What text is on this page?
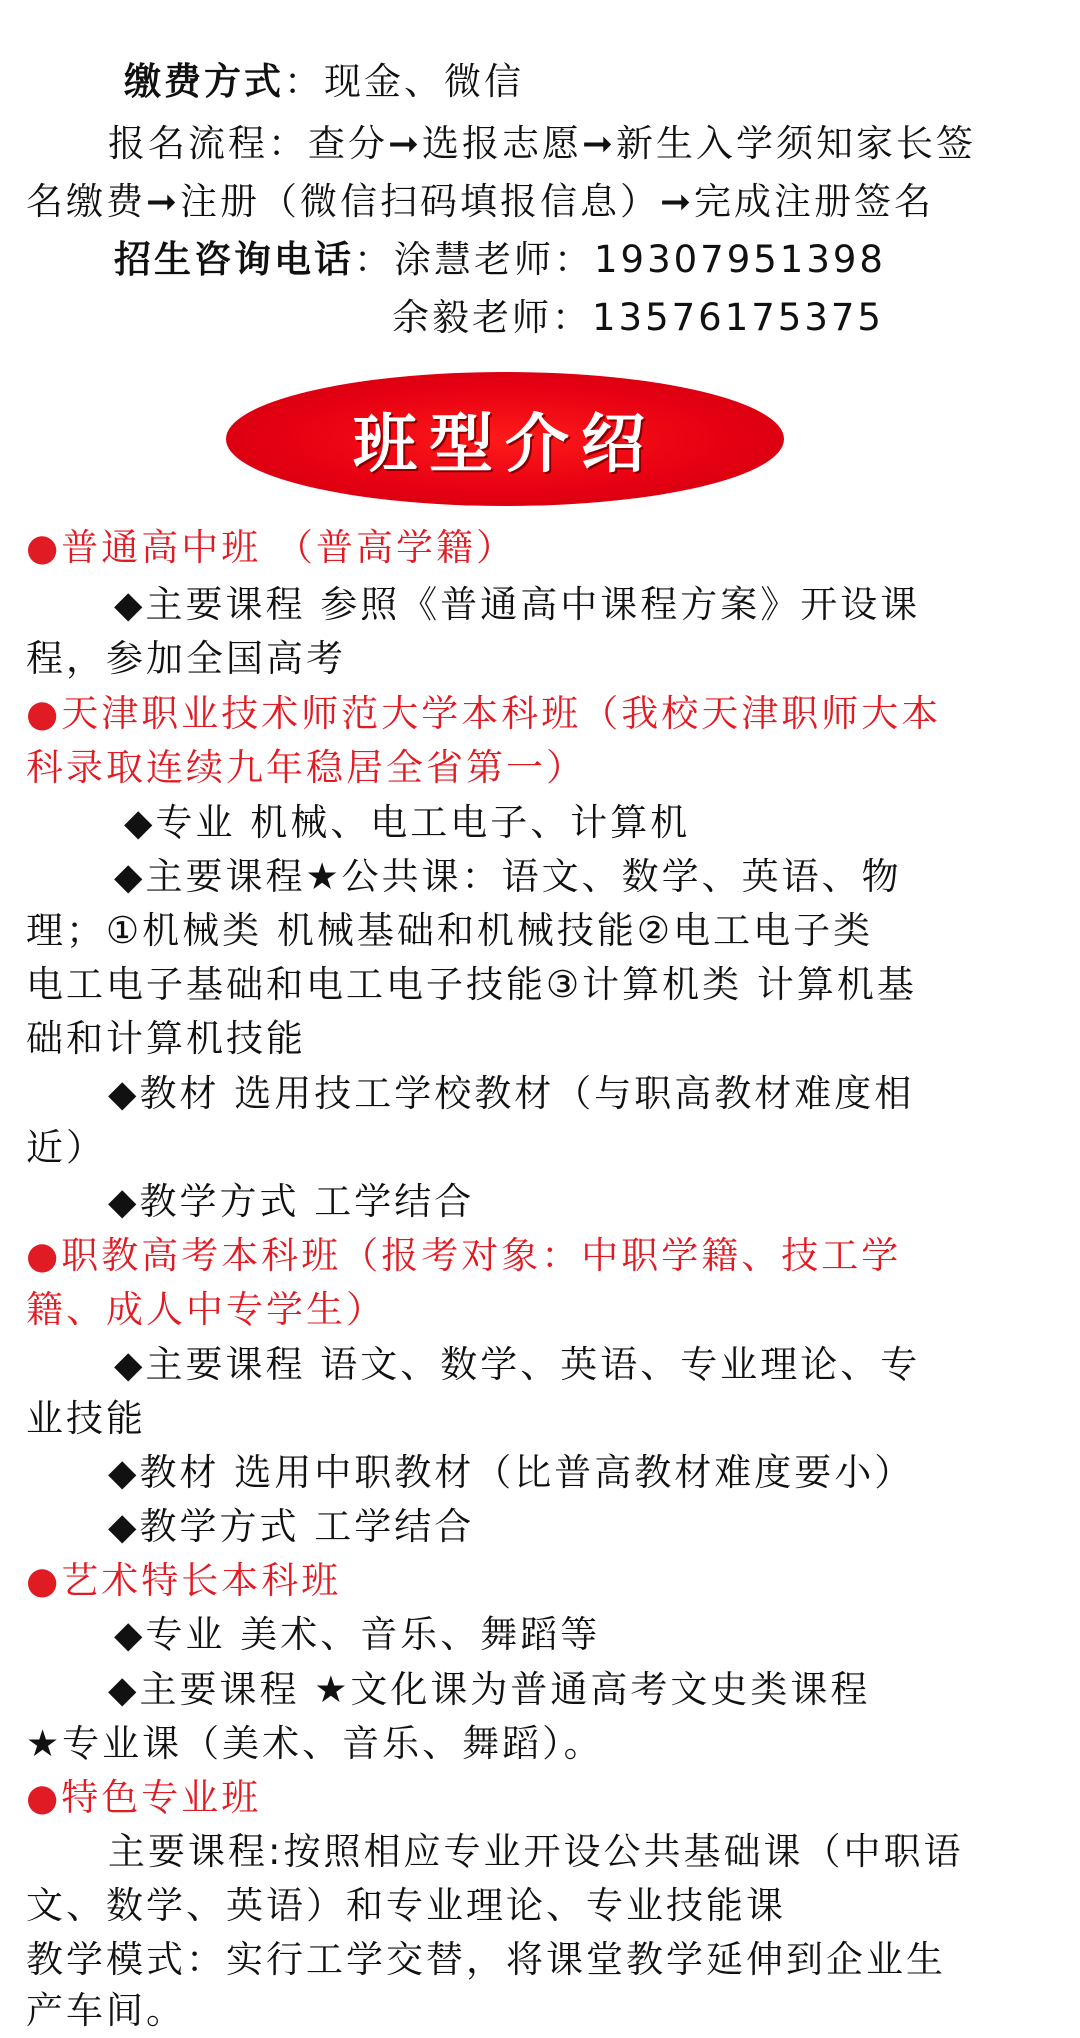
缴费方式：现金、微信
报名流程：查分➞选报志愿➞新生入学须知家长签
名缴费➞注册（微信扫码填报信息）➞完成注册签名
招生咨询电话：涂慧老师：19307951398
余毅老师：13576175375
班型介绍
●普通高中班 （普高学籍）
◆主要课程 参照《普通高中课程方案》开设课
程，参加全国高考
●天津职业技术师范大学本科班（我校天津职师大本
科录取连续九年稳居全省第一）
◆专业 机械、电工电子、计算机
◆主要课程★公共课：语文、数学、英语、物
理；①机械类 机械基础和机械技能②电工电子类
电工电子基础和电工电子技能③计算机类 计算机基
础和计算机技能
◆教材 选用技工学校教材（与职高教材难度相
近）
◆教学方式 工学结合
●职教高考本科班（报考对象：中职学籍、技工学
籍、成人中专学生）
◆主要课程 语文、数学、英语、专业理论、专
业技能
◆教材 选用中职教材（比普高教材难度要小）
◆教学方式 工学结合
●艺术特长本科班
◆专业 美术、音乐、舞蹈等
◆主要课程 ★文化课为普通高考文史类课程
★专业课（美术、音乐、舞蹈）。
●特色专业班
主要课程:按照相应专业开设公共基础课（中职语
文、数学、英语）和专业理论、专业技能课
教学模式：实行工学交替，将课堂教学延伸到企业生
产车间。
